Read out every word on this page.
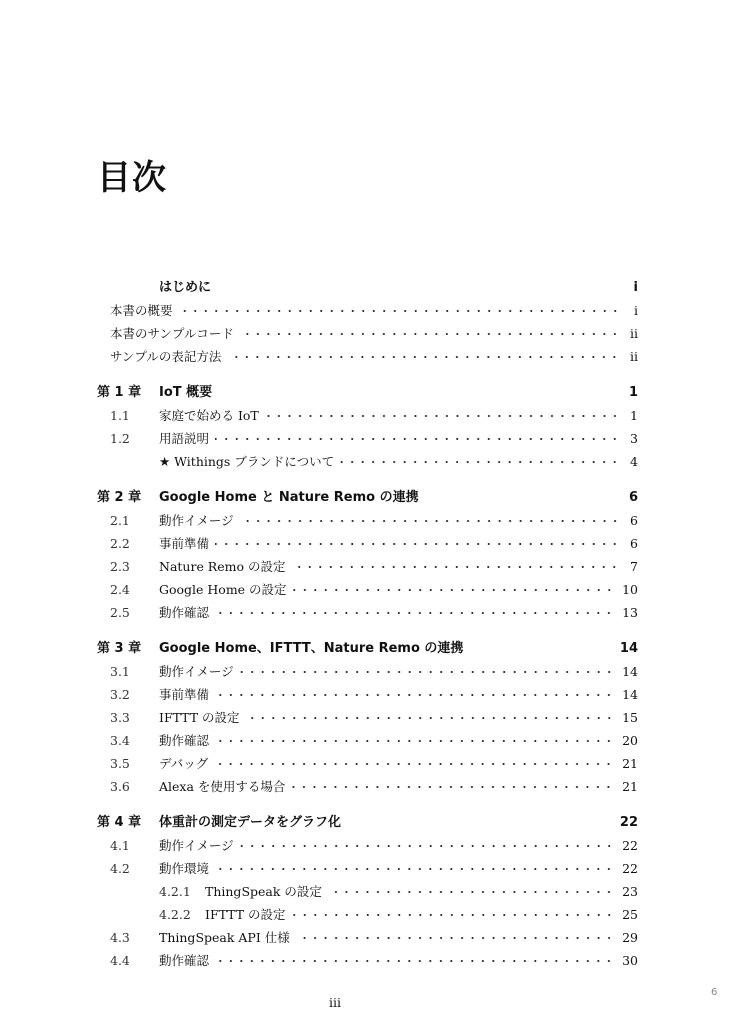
目次
はじめに	i
本書の概要	i
本書のサンプルコード	ii
サンプルの表記方法	ii
第 1 章	IoT 概要	1
1.1	家庭で始める IoT	1
1.2	用語説明	3
★ Withings ブランドについて	4
第 2 章	Google Home と Nature Remo の連携	6
2.1	動作イメージ	6
2.2	事前準備	6
2.3	Nature Remo の設定	7
2.4	Google Home の設定	10
2.5	動作確認	13
第 3 章	Google Home、IFTTT、Nature Remo の連携	14
3.1	動作イメージ	14
3.2	事前準備	14
3.3	IFTTT の設定	15
3.4	動作確認	20
3.5	デバッグ	21
3.6	Alexa を使用する場合	21
第 4 章	体重計の測定データをグラフ化	22
4.1	動作イメージ	22
4.2	動作環境	22
4.2.1	ThingSpeak の設定	23
4.2.2	IFTTT の設定	25
4.3	ThingSpeak API 仕様	29
4.4	動作確認	30
iii
6
